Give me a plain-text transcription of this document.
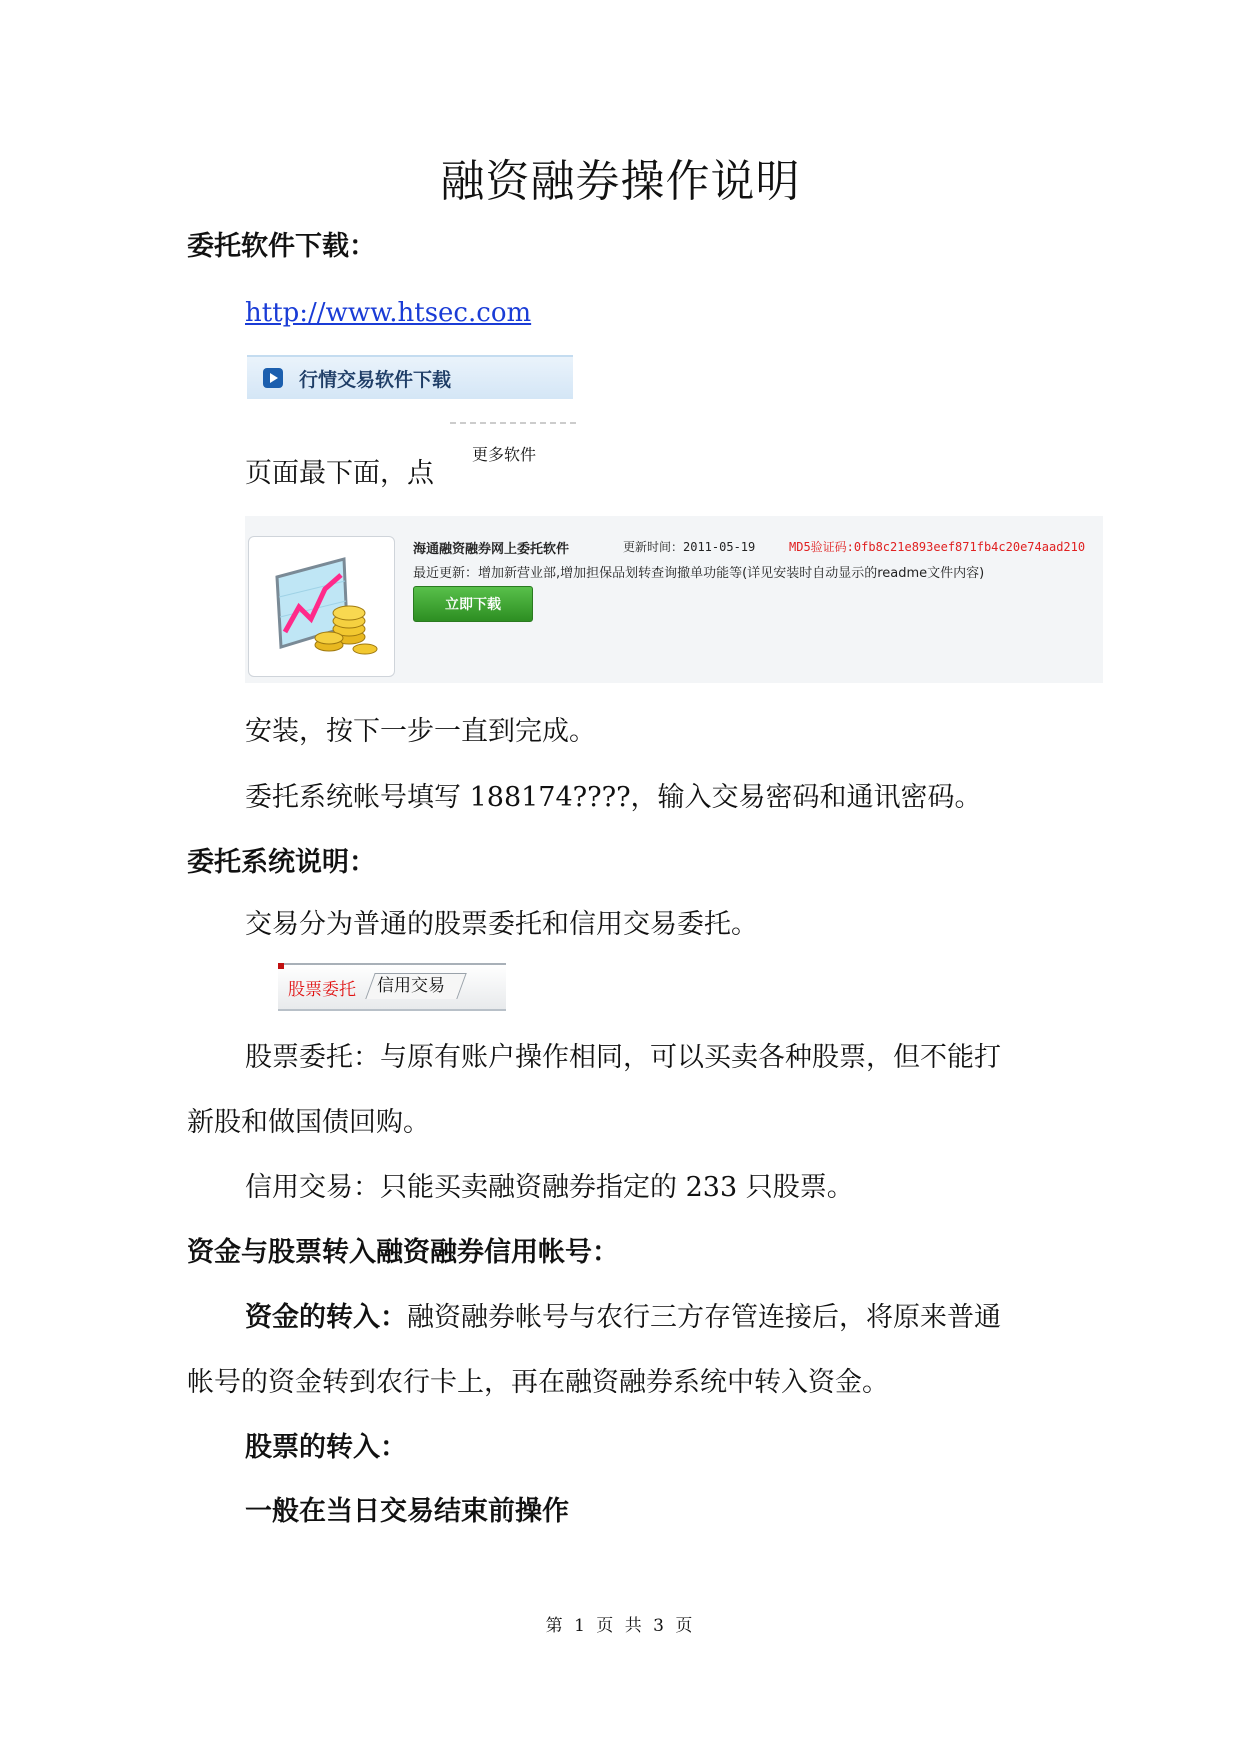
融资融券操作说明
委托软件下载：
http://www.htsec.com
行情交易软件下载
更多软件
页面最下面，点
海通融资融券网上委托软件	更新时间：2011-05-19	MD5验证码:0fb8c21e893eef871fb4c20e74aad210
最近更新：增加新营业部,增加担保品划转查询撤单功能等(详见安装时自动显示的readme文件内容)
立即下载
安装，按下一步一直到完成。
委托系统帐号填写 188174????，输入交易密码和通讯密码。
委托系统说明：
交易分为普通的股票委托和信用交易委托。
股票委托	信用交易
股票委托：与原有账户操作相同，可以买卖各种股票，但不能打
新股和做国债回购。
信用交易：只能买卖融资融券指定的 233 只股票。
资金与股票转入融资融券信用帐号：
资金的转入：融资融券帐号与农行三方存管连接后，将原来普通
帐号的资金转到农行卡上，再在融资融券系统中转入资金。
股票的转入：
一般在当日交易结束前操作
第 1 页 共 3 页
